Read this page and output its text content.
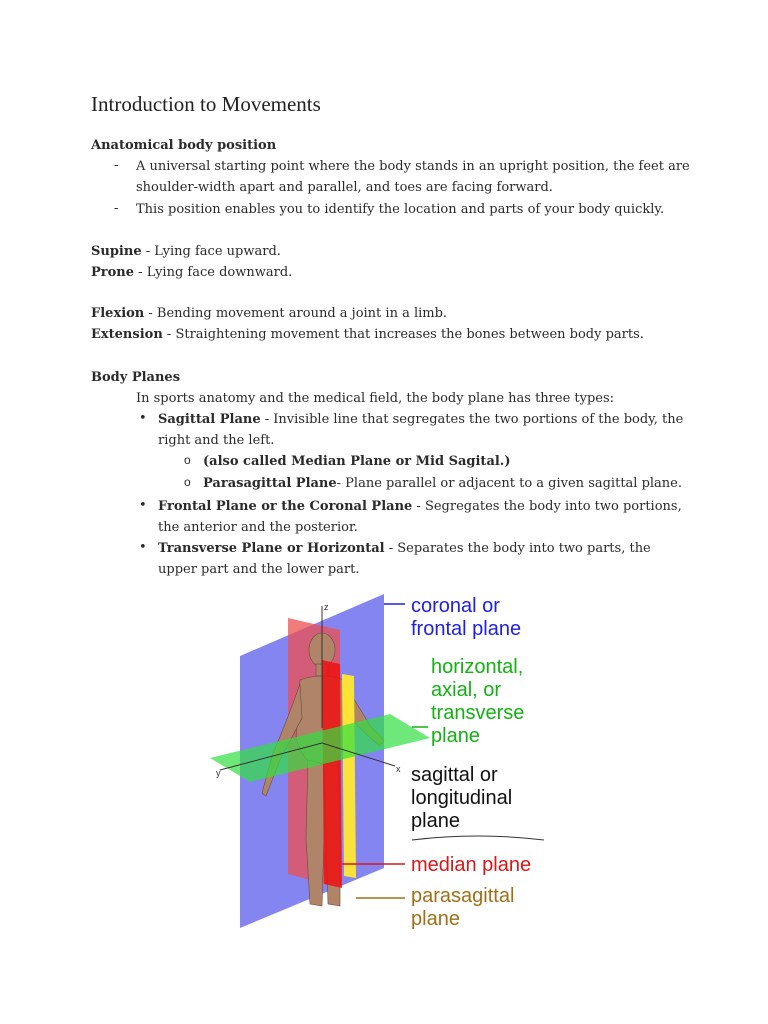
Introduction to Movements
Anatomical body position
- A universal starting point where the body stands in an upright position, the feet are
shoulder-width apart and parallel, and toes are facing forward.
- This position enables you to identify the location and parts of your body quickly.
Supine - Lying face upward.
Prone - Lying face downward.
Flexion - Bending movement around a joint in a limb.
Extension - Straightening movement that increases the bones between body parts.
Body Planes
In sports anatomy and the medical field, the body plane has three types:
• Sagittal Plane - Invisible line that segregates the two portions of the body, the
right and the left.
o (also called Median Plane or Mid Sagital.)
o Parasagittal Plane- Plane parallel or adjacent to a given sagittal plane.
• Frontal Plane or the Coronal Plane - Segregates the body into two portions,
the anterior and the posterior.
• Transverse Plane or Horizontal - Separates the body into two parts, the
upper part and the lower part.
z
y	x
coronal or
frontal plane
horizontal,
axial, or
transverse
plane
sagittal or
longitudinal
plane
median plane
parasagittal
plane
